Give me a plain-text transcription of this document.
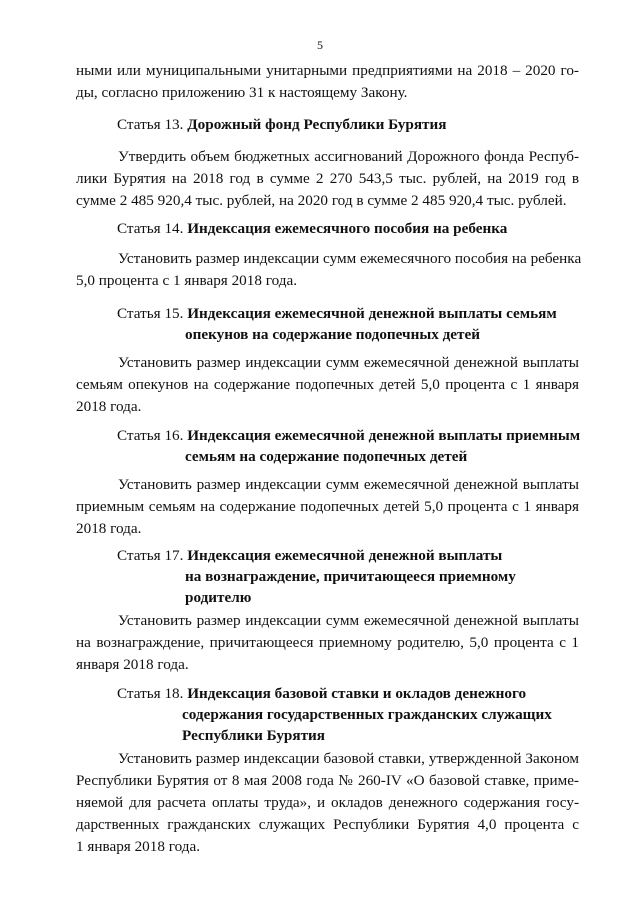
5
ными или муниципальными унитарными предприятиями на 2018 – 2020 го-
ды, согласно приложению 31 к настоящему Закону.
Статья 13. Дорожный фонд Республики Бурятия
Утвердить объем бюджетных ассигнований Дорожного фонда Респуб-
лики Бурятия на 2018 год в сумме 2 270 543,5 тыс. рублей, на 2019 год в
сумме 2 485 920,4 тыс. рублей, на 2020 год в сумме 2 485 920,4 тыс. рублей.
Статья 14. Индексация ежемесячного пособия на ребенка
Установить размер индексации сумм ежемесячного пособия на ребенка
5,0 процента с 1 января 2018 года.
Статья 15. Индексация ежемесячной денежной выплаты семьям
опекунов на содержание подопечных детей
Установить размер индексации сумм ежемесячной денежной выплаты
семьям опекунов на содержание подопечных детей 5,0 процента с 1 января
2018 года.
Статья 16. Индексация ежемесячной денежной выплаты приемным
семьям на содержание подопечных детей
Установить размер индексации сумм ежемесячной денежной выплаты
приемным семьям на содержание подопечных детей 5,0 процента с 1 января
2018 года.
Статья 17. Индексация ежемесячной денежной выплаты
на вознаграждение, причитающееся приемному
родителю
Установить размер индексации сумм ежемесячной денежной выплаты
на вознаграждение, причитающееся приемному родителю, 5,0 процента с 1
января 2018 года.
Статья 18. Индексация базовой ставки и окладов денежного
содержания государственных гражданских служащих
Республики Бурятия
Установить размер индексации базовой ставки, утвержденной Законом
Республики Бурятия от 8 мая 2008 года № 260-IV «О базовой ставке, приме-
няемой для расчета оплаты труда», и окладов денежного содержания госу-
дарственных гражданских служащих Республики Бурятия 4,0 процента с
1 января 2018 года.
